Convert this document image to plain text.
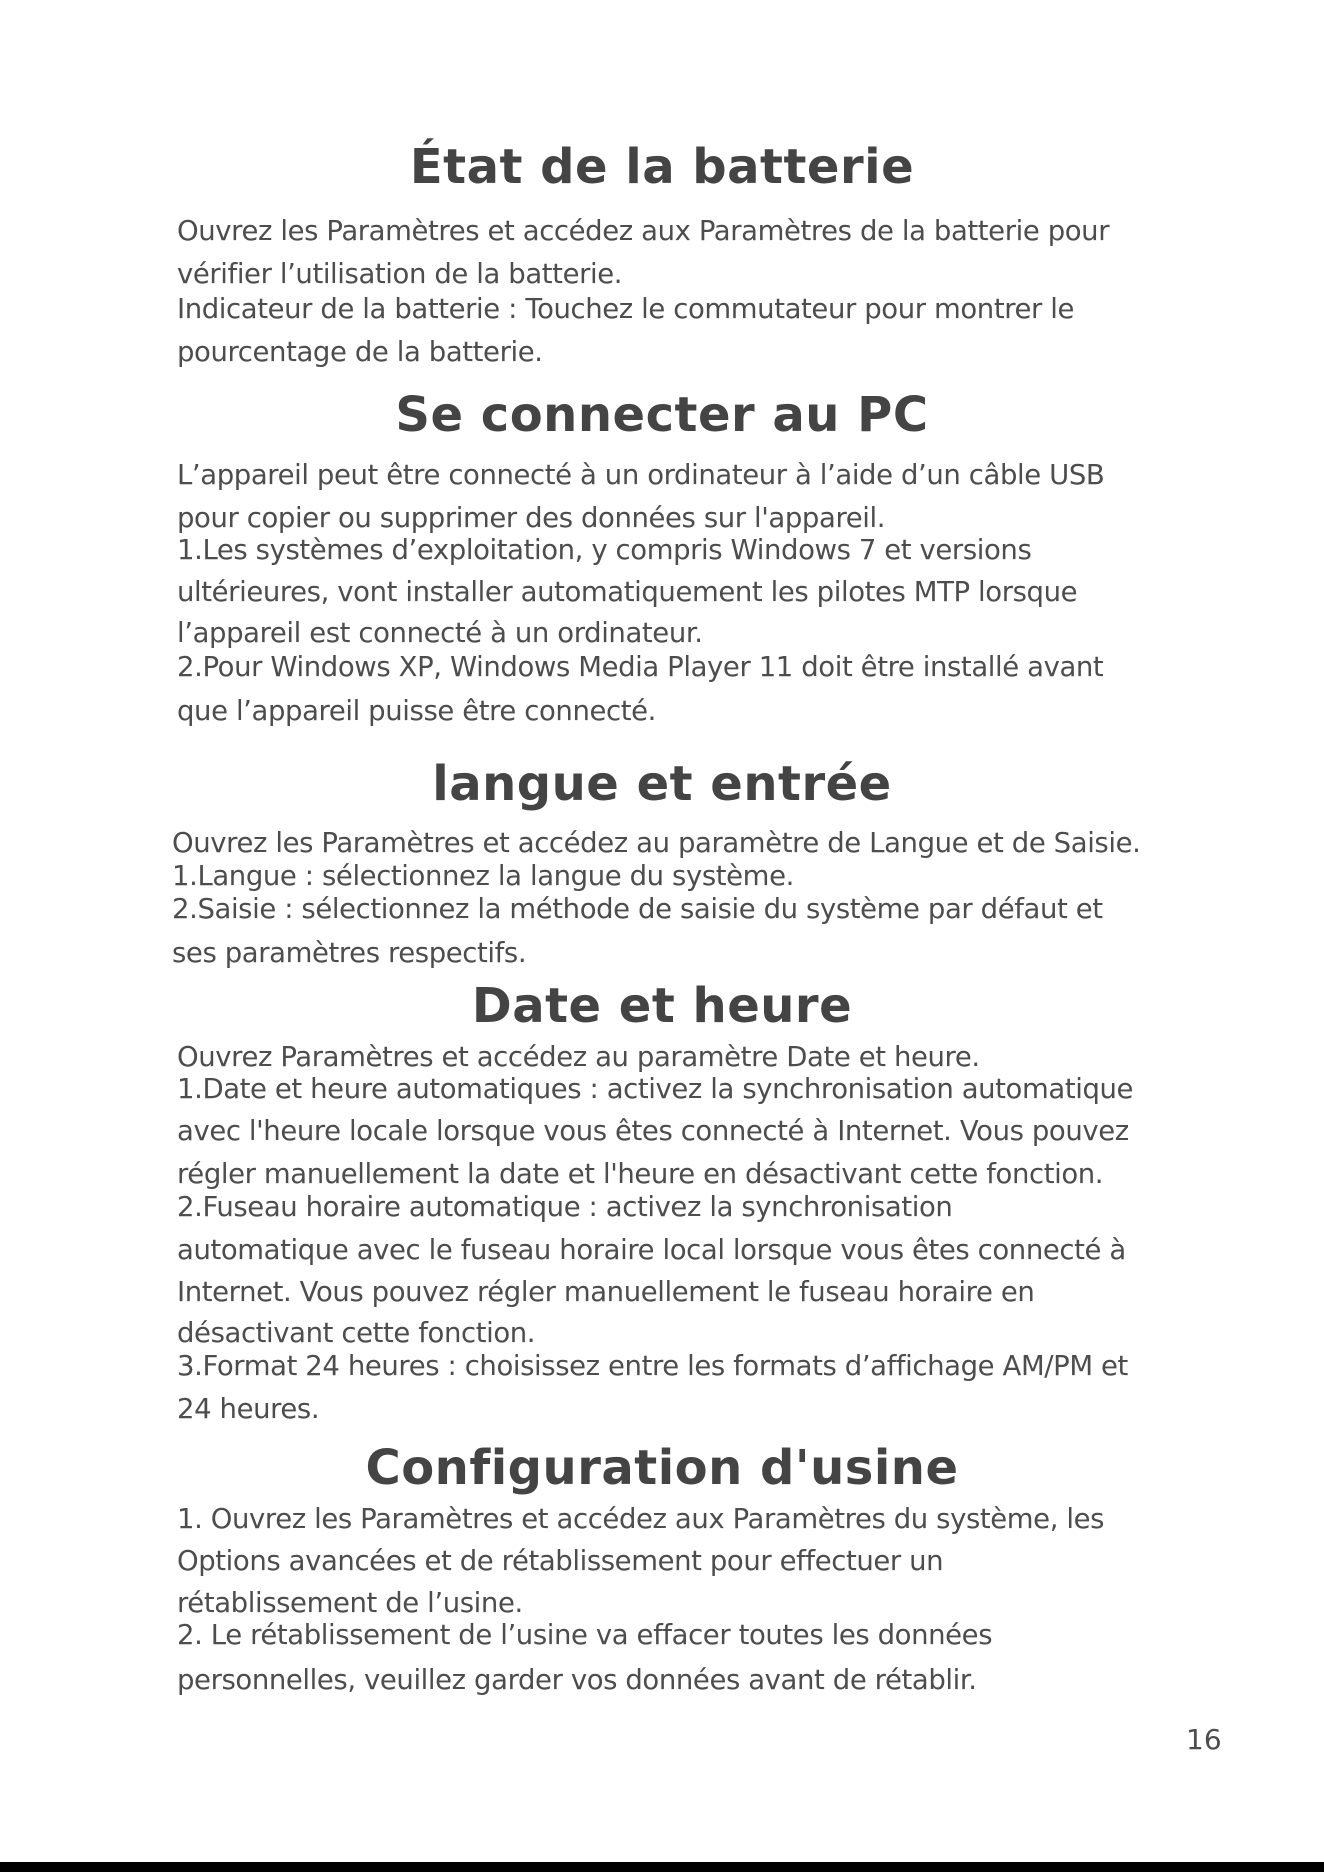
État de la batterie

Ouvrez les Paramètres et accédez aux Paramètres de la batterie pour

vérifier l’utilisation de la batterie.

Indicateur de la batterie : Touchez le commutateur pour montrer le

pourcentage de la batterie.

Se connecter au PC

L’appareil peut être connecté à un ordinateur à l’aide d’un câble USB

pour copier ou supprimer des données sur l'appareil.

1.Les systèmes d’exploitation, y compris Windows 7 et versions

ultérieures, vont installer automatiquement les pilotes MTP lorsque

l’appareil est connecté à un ordinateur.

2.Pour Windows XP, Windows Media Player 11 doit être installé avant

que l’appareil puisse être connecté.

langue et entrée

Ouvrez les Paramètres et accédez au paramètre de Langue et de Saisie.

1.Langue : sélectionnez la langue du système.

2.Saisie : sélectionnez la méthode de saisie du système par défaut et

ses paramètres respectifs.

Date et heure

Ouvrez Paramètres et accédez au paramètre Date et heure.

1.Date et heure automatiques : activez la synchronisation automatique

avec l'heure locale lorsque vous êtes connecté à Internet. Vous pouvez

régler manuellement la date et l'heure en désactivant cette fonction.

2.Fuseau horaire automatique : activez la synchronisation

automatique avec le fuseau horaire local lorsque vous êtes connecté à

Internet. Vous pouvez régler manuellement le fuseau horaire en

désactivant cette fonction.

3.Format 24 heures : choisissez entre les formats d’affichage AM/PM et

24 heures.

Configuration d'usine

1. Ouvrez les Paramètres et accédez aux Paramètres du système, les

Options avancées et de rétablissement pour effectuer un

rétablissement de l’usine.

2. Le rétablissement de l’usine va effacer toutes les données

personnelles, veuillez garder vos données avant de rétablir.

16
